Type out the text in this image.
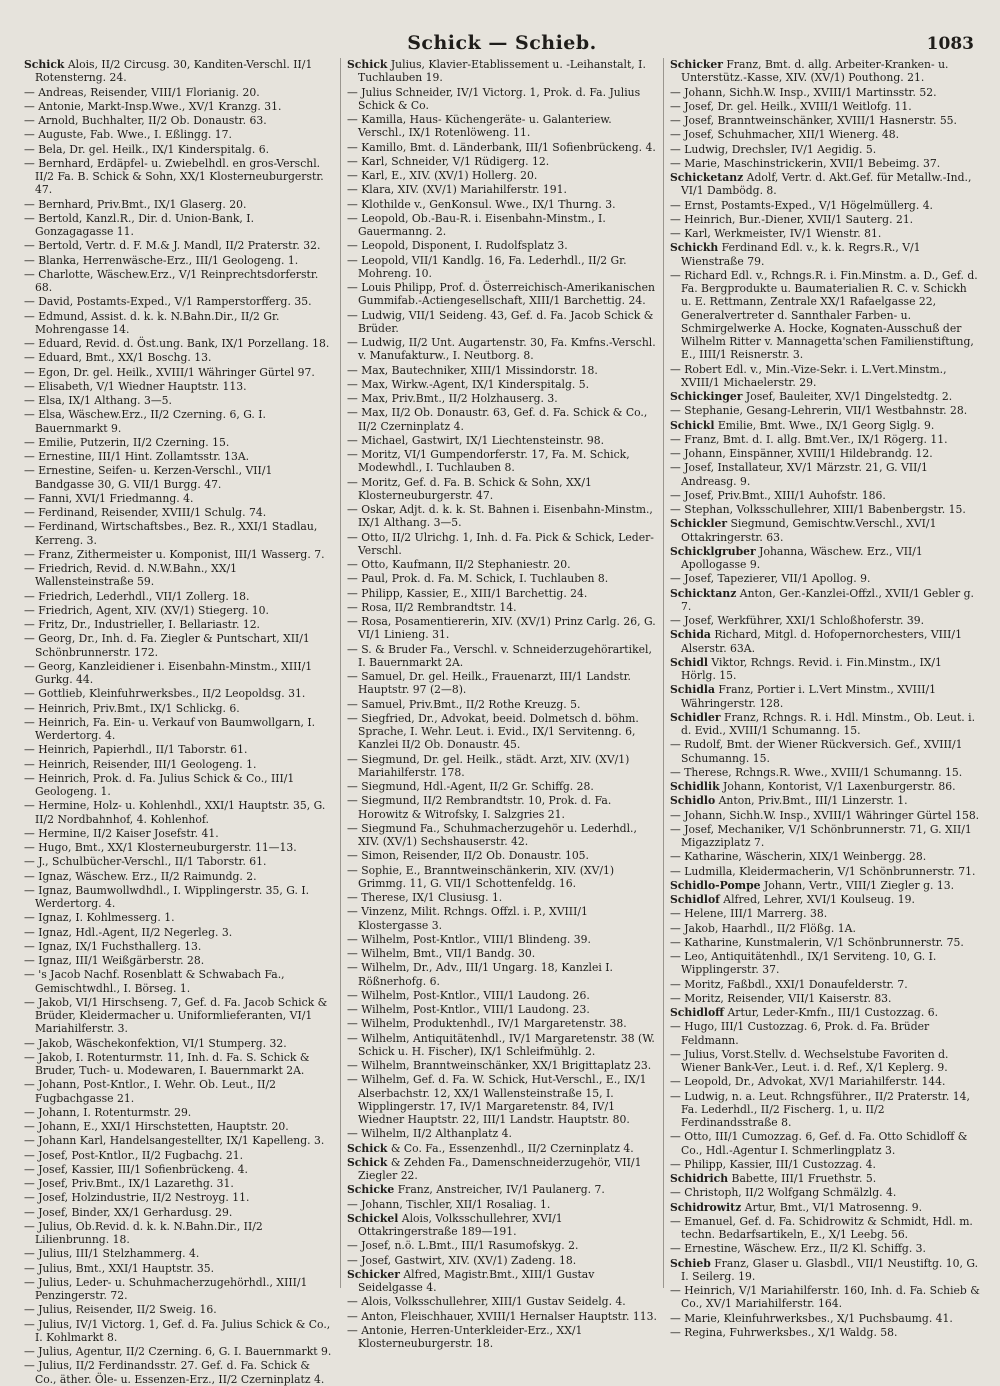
Schick — Schieb.	1083
Schick Alois, II/2 Circusg. 30, Kanditen-Verschl. II/1 Rotensterng. 24.
— Andreas, Reisender, VIII/1 Florianig. 20.
— Antonie, Markt-Insp.Wwe., XV/1 Kranzg. 31.
— Arnold, Buchhalter, II/2 Ob. Donaustr. 63.
— Auguste, Fab. Wwe., I. Eßlingg. 17.
— Bela, Dr. gel. Heilk., IX/1 Kinderspitalg. 6.
— Bernhard, Erdäpfel- u. Zwiebelhdl. en gros-Verschl. II/2 Fa. B. Schick & Sohn, XX/1 Klosterneuburgerstr. 47.
— Bernhard, Priv.Bmt., IX/1 Glaserg. 20.
— Bertold, Kanzl.R., Dir. d. Union-Bank, I. Gonzagagasse 11.
— Bertold, Vertr. d. F. M.& J. Mandl, II/2 Praterstr. 32.
— Blanka, Herrenwäsche-Erz., III/1 Geologeng. 1.
— Charlotte, Wäschew.Erz., V/1 Reinprechtsdorferstr. 68.
— David, Postamts-Exped., V/1 Ramperstorfferg. 35.
— Edmund, Assist. d. k. k. N.Bahn.Dir., II/2 Gr. Mohrengasse 14.
— Eduard, Revid. d. Öst.ung. Bank, IX/1 Porzellang. 18.
— Eduard, Bmt., XX/1 Boschg. 13.
— Egon, Dr. gel. Heilk., XVIII/1 Währinger Gürtel 97.
— Elisabeth, V/1 Wiedner Hauptstr. 113.
— Elsa, IX/1 Althang. 3—5.
— Elsa, Wäschew.Erz., II/2 Czerning. 6, G. I. Bauernmarkt 9.
— Emilie, Putzerin, II/2 Czerning. 15.
— Ernestine, III/1 Hint. Zollamtsstr. 13A.
— Ernestine, Seifen- u. Kerzen-Verschl., VII/1 Bandgasse 30, G. VII/1 Burgg. 47.
— Fanni, XVI/1 Friedmanng. 4.
— Ferdinand, Reisender, XVIII/1 Schulg. 74.
— Ferdinand, Wirtschaftsbes., Bez. R., XXI/1 Stadlau, Kerreng. 3.
— Franz, Zithermeister u. Komponist, III/1 Wasserg. 7.
— Friedrich, Revid. d. N.W.Bahn., XX/1 Wallensteinstraße 59.
— Friedrich, Lederhdl., VII/1 Zollerg. 18.
— Friedrich, Agent, XIV. (XV/1) Stiegerg. 10.
— Fritz, Dr., Industrieller, I. Bellariastr. 12.
— Georg, Dr., Inh. d. Fa. Ziegler & Puntschart, XII/1 Schönbrunnerstr. 172.
— Georg, Kanzleidiener i. Eisenbahn-Minstm., XIII/1 Gurkg. 44.
— Gottlieb, Kleinfuhrwerksbes., II/2 Leopoldsg. 31.
— Heinrich, Priv.Bmt., IX/1 Schlickg. 6.
— Heinrich, Fa. Ein- u. Verkauf von Baumwollgarn, I. Werdertorg. 4.
— Heinrich, Papierhdl., II/1 Taborstr. 61.
— Heinrich, Reisender, III/1 Geologeng. 1.
— Heinrich, Prok. d. Fa. Julius Schick & Co., III/1 Geologeng. 1.
— Hermine, Holz- u. Kohlenhdl., XXI/1 Hauptstr. 35, G. II/2 Nordbahnhof, 4. Kohlenhof.
— Hermine, II/2 Kaiser Josefstr. 41.
— Hugo, Bmt., XX/1 Klosterneuburgerstr. 11—13.
— J., Schulbücher-Verschl., II/1 Taborstr. 61.
— Ignaz, Wäschew. Erz., II/2 Raimundg. 2.
— Ignaz, Baumwollwdhdl., I. Wipplingerstr. 35, G. I. Werdertorg. 4.
— Ignaz, I. Kohlmesserg. 1.
— Ignaz, Hdl.-Agent, II/2 Negerleg. 3.
— Ignaz, IX/1 Fuchsthallerg. 13.
— Ignaz, III/1 Weißgärberstr. 28.
— 's Jacob Nachf. Rosenblatt & Schwabach Fa., Gemischtwdhl., I. Börseg. 1.
— Jakob, VI/1 Hirschseng. 7, Gef. d. Fa. Jacob Schick & Brüder, Kleidermacher u. Uniformlieferanten, VI/1 Mariahilferstr. 3.
— Jakob, Wäschekonfektion, VI/1 Stumperg. 32.
— Jakob, I. Rotenturmstr. 11, Inh. d. Fa. S. Schick & Bruder, Tuch- u. Modewaren, I. Bauernmarkt 2A.
— Johann, Post-Kntlor., I. Wehr. Ob. Leut., II/2 Fugbachgasse 21.
— Johann, I. Rotenturmstr. 29.
— Johann, E., XXI/1 Hirschstetten, Hauptstr. 20.
— Johann Karl, Handelsangestellter, IX/1 Kapelleng. 3.
— Josef, Post-Kntlor., II/2 Fugbachg. 21.
— Josef, Kassier, III/1 Sofienbrückeng. 4.
— Josef, Priv.Bmt., IX/1 Lazarethg. 31.
— Josef, Holzindustrie, II/2 Nestroyg. 11.
— Josef, Binder, XX/1 Gerhardusg. 29.
— Julius, Ob.Revid. d. k. k. N.Bahn.Dir., II/2 Lilienbrunng. 18.
— Julius, III/1 Stelzhammerg. 4.
— Julius, Bmt., XXI/1 Hauptstr. 35.
— Julius, Leder- u. Schuhmacherzugehörhdl., XIII/1 Penzingerstr. 72.
— Julius, Reisender, II/2 Sweig. 16.
— Julius, IV/1 Victorg. 1, Gef. d. Fa. Julius Schick & Co., I. Kohlmarkt 8.
— Julius, Agentur, II/2 Czerning. 6, G. I. Bauernmarkt 9.
— Julius, II/2 Ferdinandsstr. 27. Gef. d. Fa. Schick & Co., äther. Öle- u. Essenzen-Erz., II/2 Czerninplatz 4.
Schick Julius, Klavier-Etablissement u. -Leihanstalt, I. Tuchlauben 19.
— Julius Schneider, IV/1 Victorg. 1, Prok. d. Fa. Julius Schick & Co.
— Kamilla, Haus- Küchengeräte- u. Galanteriew. Verschl., IX/1 Rotenlöweng. 11.
— Kamillo, Bmt. d. Länderbank, III/1 Sofienbrückeng. 4.
— Karl, Schneider, V/1 Rüdigerg. 12.
— Karl, E., XIV. (XV/1) Hollerg. 20.
— Klara, XIV. (XV/1) Mariahilferstr. 191.
— Klothilde v., GenKonsul. Wwe., IX/1 Thurng. 3.
— Leopold, Ob.-Bau-R. i. Eisenbahn-Minstm., I. Gauermanng. 2.
— Leopold, Disponent, I. Rudolfsplatz 3.
— Leopold, VII/1 Kandlg. 16, Fa. Lederhdl., II/2 Gr. Mohreng. 10.
— Louis Philipp, Prof. d. Österreichisch-Amerikanischen Gummifab.-Actiengesellschaft, XIII/1 Barchettig. 24.
— Ludwig, VII/1 Seideng. 43, Gef. d. Fa. Jacob Schick & Brüder.
— Ludwig, II/2 Unt. Augartenstr. 30, Fa. Kmfns.-Verschl. v. Manufakturw., I. Neutborg. 8.
— Max, Bautechniker, XIII/1 Missindorstr. 18.
— Max, Wirkw.-Agent, IX/1 Kinderspitalg. 5.
— Max, Priv.Bmt., II/2 Holzhauserg. 3.
— Max, II/2 Ob. Donaustr. 63, Gef. d. Fa. Schick & Co., II/2 Czerninplatz 4.
— Michael, Gastwirt, IX/1 Liechtensteinstr. 98.
— Moritz, VI/1 Gumpendorferstr. 17, Fa. M. Schick, Modewhdl., I. Tuchlauben 8.
— Moritz, Gef. d. Fa. B. Schick & Sohn, XX/1 Klosterneuburgerstr. 47.
— Oskar, Adjt. d. k. k. St. Bahnen i. Eisenbahn-Minstm., IX/1 Althang. 3—5.
— Otto, II/2 Ulrichg. 1, Inh. d. Fa. Pick & Schick, Leder-Verschl.
— Otto, Kaufmann, II/2 Stephaniestr. 20.
— Paul, Prok. d. Fa. M. Schick, I. Tuchlauben 8.
— Philipp, Kassier, E., XIII/1 Barchettig. 24.
— Rosa, II/2 Rembrandtstr. 14.
— Rosa, Posamentiererin, XIV. (XV/1) Prinz Carlg. 26, G. VI/1 Linieng. 31.
— S. & Bruder Fa., Verschl. v. Schneiderzugehörartikel, I. Bauernmarkt 2A.
— Samuel, Dr. gel. Heilk., Frauenarzt, III/1 Landstr. Hauptstr. 97 (2—8).
— Samuel, Priv.Bmt., II/2 Rothe Kreuzg. 5.
— Siegfried, Dr., Advokat, beeid. Dolmetsch d. böhm. Sprache, I. Wehr. Leut. i. Evid., IX/1 Servitenng. 6, Kanzlei II/2 Ob. Donaustr. 45.
— Siegmund, Dr. gel. Heilk., städt. Arzt, XIV. (XV/1) Mariahilferstr. 178.
— Siegmund, Hdl.-Agent, II/2 Gr. Schiffg. 28.
— Siegmund, II/2 Rembrandtstr. 10, Prok. d. Fa. Horowitz & Witrofsky, I. Salzgries 21.
— Siegmund Fa., Schuhmacherzugehör u. Lederhdl., XIV. (XV/1) Sechshauserstr. 42.
— Simon, Reisender, II/2 Ob. Donaustr. 105.
— Sophie, E., Branntweinschänkerin, XIV. (XV/1) Grimmg. 11, G. VII/1 Schottenfeldg. 16.
— Therese, IX/1 Clusiusg. 1.
— Vinzenz, Milit. Rchngs. Offzl. i. P., XVIII/1 Klostergasse 3.
— Wilhelm, Post-Kntlor., VIII/1 Blindeng. 39.
— Wilhelm, Bmt., VII/1 Bandg. 30.
— Wilhelm, Dr., Adv., III/1 Ungarg. 18, Kanzlei I. Rößnerhofg. 6.
— Wilhelm, Post-Kntlor., VIII/1 Laudong. 26.
— Wilhelm, Post-Kntlor., VIII/1 Laudong. 23.
— Wilhelm, Produktenhdl., IV/1 Margaretenstr. 38.
— Wilhelm, Antiquitätenhdl., IV/1 Margaretenstr. 38 (W. Schick u. H. Fischer), IX/1 Schleifmühlg. 2.
— Wilhelm, Branntweinschänker, XX/1 Brigittaplatz 23.
— Wilhelm, Gef. d. Fa. W. Schick, Hut-Verschl., E., IX/1 Alserbachstr. 12, XX/1 Wallensteinstraße 15, I. Wipplingerstr. 17, IV/1 Margaretenstr. 84, IV/1 Wiedner Hauptstr. 22, III/1 Landstr. Hauptstr. 80.
— Wilhelm, II/2 Althanplatz 4.
Schick & Co. Fa., Essenzenhdl., II/2 Czerninplatz 4.
Schick & Zehden Fa., Damenschneiderzugehör, VII/1 Ziegler 22.
Schicke Franz, Anstreicher, IV/1 Paulanerg. 7.
— Johann, Tischler, XII/1 Rosaliag. 1.
Schickel Alois, Volksschullehrer, XVI/1 Ottakringerstraße 189—191.
— Josef, n.ö. L.Bmt., III/1 Rasumofskyg. 2.
— Josef, Gastwirt, XIV. (XV/1) Zadeng. 18.
Schicker Alfred, Magistr.Bmt., XIII/1 Gustav Seidelgasse 4.
— Alois, Volksschullehrer, XIII/1 Gustav Seidelg. 4.
— Anton, Fleischhauer, XVIII/1 Hernalser Hauptstr. 113.
— Antonie, Herren-Unterkleider-Erz., XX/1 Klosterneuburgerstr. 18.
Schicker Franz, Bmt. d. allg. Arbeiter-Kranken- u. Unterstütz.-Kasse, XIV. (XV/1) Pouthong. 21.
— Johann, Sichh.W. Insp., XVIII/1 Martinsstr. 52.
— Josef, Dr. gel. Heilk., XVIII/1 Weitlofg. 11.
— Josef, Branntweinschänker, XVIII/1 Hasnerstr. 55.
— Josef, Schuhmacher, XII/1 Wienerg. 48.
— Ludwig, Drechsler, IV/1 Aegidig. 5.
— Marie, Maschinstrickerin, XVII/1 Bebeimg. 37.
Schicketanz Adolf, Vertr. d. Akt.Gef. für Metallw.-Ind., VI/1 Dambödg. 8.
— Ernst, Postamts-Exped., V/1 Högelmüllerg. 4.
— Heinrich, Bur.-Diener, XVII/1 Sauterg. 21.
— Karl, Werkmeister, IV/1 Wienstr. 81.
Schickh Ferdinand Edl. v., k. k. Regrs.R., V/1 Wienstraße 79.
— Richard Edl. v., Rchngs.R. i. Fin.Minstm. a. D., Gef. d. Fa. Bergprodukte u. Baumaterialien R. C. v. Schickh u. E. Rettmann, Zentrale XX/1 Rafaelgasse 22, Generalvertreter d. Sannthaler Farben- u. Schmirgelwerke A. Hocke, Kognaten-Ausschuß der Wilhelm Ritter v. Mannagetta'schen Familienstiftung, E., IIII/1 Reisnerstr. 3.
— Robert Edl. v., Min.-Vize-Sekr. i. L.Vert.Minstm., XVIII/1 Michaelerstr. 29.
Schickinger Josef, Bauleiter, XV/1 Dingelstedtg. 2.
— Stephanie, Gesang-Lehrerin, VII/1 Westbahnstr. 28.
Schickl Emilie, Bmt. Wwe., IX/1 Georg Siglg. 9.
— Franz, Bmt. d. I. allg. Bmt.Ver., IX/1 Rögerg. 11.
— Johann, Einspänner, XVIII/1 Hildebrandg. 12.
— Josef, Installateur, XV/1 Märzstr. 21, G. VII/1 Andreasg. 9.
— Josef, Priv.Bmt., XIII/1 Auhofstr. 186.
— Stephan, Volksschullehrer, XIII/1 Babenbergstr. 15.
Schickler Siegmund, Gemischtw.Verschl., XVI/1 Ottakringerstr. 63.
Schicklgruber Johanna, Wäschew. Erz., VII/1 Apollogasse 9.
— Josef, Tapezierer, VII/1 Apollog. 9.
Schicktanz Anton, Ger.-Kanzlei-Offzl., XVII/1 Gebler g. 7.
— Josef, Werkführer, XXI/1 Schloßhoferstr. 39.
Schida Richard, Mitgl. d. Hofopernorchesters, VIII/1 Alserstr. 63A.
Schidl Viktor, Rchngs. Revid. i. Fin.Minstm., IX/1 Hörlg. 15.
Schidla Franz, Portier i. L.Vert Minstm., XVIII/1 Währingerstr. 128.
Schidler Franz, Rchngs. R. i. Hdl. Minstm., Ob. Leut. i. d. Evid., XVIII/1 Schumanng. 15.
— Rudolf, Bmt. der Wiener Rückversich. Gef., XVIII/1 Schumanng. 15.
— Therese, Rchngs.R. Wwe., XVIII/1 Schumanng. 15.
Schidlik Johann, Kontorist, V/1 Laxenburgerstr. 86.
Schidlo Anton, Priv.Bmt., III/1 Linzerstr. 1.
— Johann, Sichh.W. Insp., XVIII/1 Währinger Gürtel 158.
— Josef, Mechaniker, V/1 Schönbrunnerstr. 71, G. XII/1 Migazziplatz 7.
— Katharine, Wäscherin, XIX/1 Weinbergg. 28.
— Ludmilla, Kleidermacherin, V/1 Schönbrunnerstr. 71.
Schidlo-Pompe Johann, Vertr., VIII/1 Ziegler g. 13.
Schidlof Alfred, Lehrer, XVI/1 Koulseug. 19.
— Helene, III/1 Marrerg. 38.
— Jakob, Haarhdl., II/2 Flößg. 1A.
— Katharine, Kunstmalerin, V/1 Schönbrunnerstr. 75.
— Leo, Antiquitätenhdl., IX/1 Serviteng. 10, G. I. Wipplingerstr. 37.
— Moritz, Faßbdl., XXI/1 Donaufelderstr. 7.
— Moritz, Reisender, VII/1 Kaiserstr. 83.
Schidloff Artur, Leder-Kmfn., III/1 Custozzag. 6.
— Hugo, III/1 Custozzag. 6, Prok. d. Fa. Brüder Feldmann.
— Julius, Vorst.Stellv. d. Wechselstube Favoriten d. Wiener Bank-Ver., Leut. i. d. Ref., X/1 Keplerg. 9.
— Leopold, Dr., Advokat, XV/1 Mariahilferstr. 144.
— Ludwig, n. a. Leut. Rchngsführer., II/2 Praterstr. 14, Fa. Lederhdl., II/2 Fischerg. 1, u. II/2 Ferdinandsstraße 8.
— Otto, III/1 Cumozzag. 6, Gef. d. Fa. Otto Schidloff & Co., Hdl.-Agentur I. Schmerlingplatz 3.
— Philipp, Kassier, III/1 Custozzag. 4.
Schidrich Babette, III/1 Fruethstr. 5.
— Christoph, II/2 Wolfgang Schmälzlg. 4.
Schidrowitz Artur, Bmt., VI/1 Matrosenng. 9.
— Emanuel, Gef. d. Fa. Schidrowitz & Schmidt, Hdl. m. techn. Bedarfsartikeln, E., X/1 Leebg. 56.
— Ernestine, Wäschew. Erz., II/2 Kl. Schiffg. 3.
Schieb Franz, Glaser u. Glasbdl., VII/1 Neustiftg. 10, G. I. Seilerg. 19.
— Heinrich, V/1 Mariahilferstr. 160, Inh. d. Fa. Schieb & Co., XV/1 Mariahilferstr. 164.
— Marie, Kleinfuhrwerksbes., X/1 Puchsbaumg. 41.
— Regina, Fuhrwerksbes., X/1 Waldg. 58.
